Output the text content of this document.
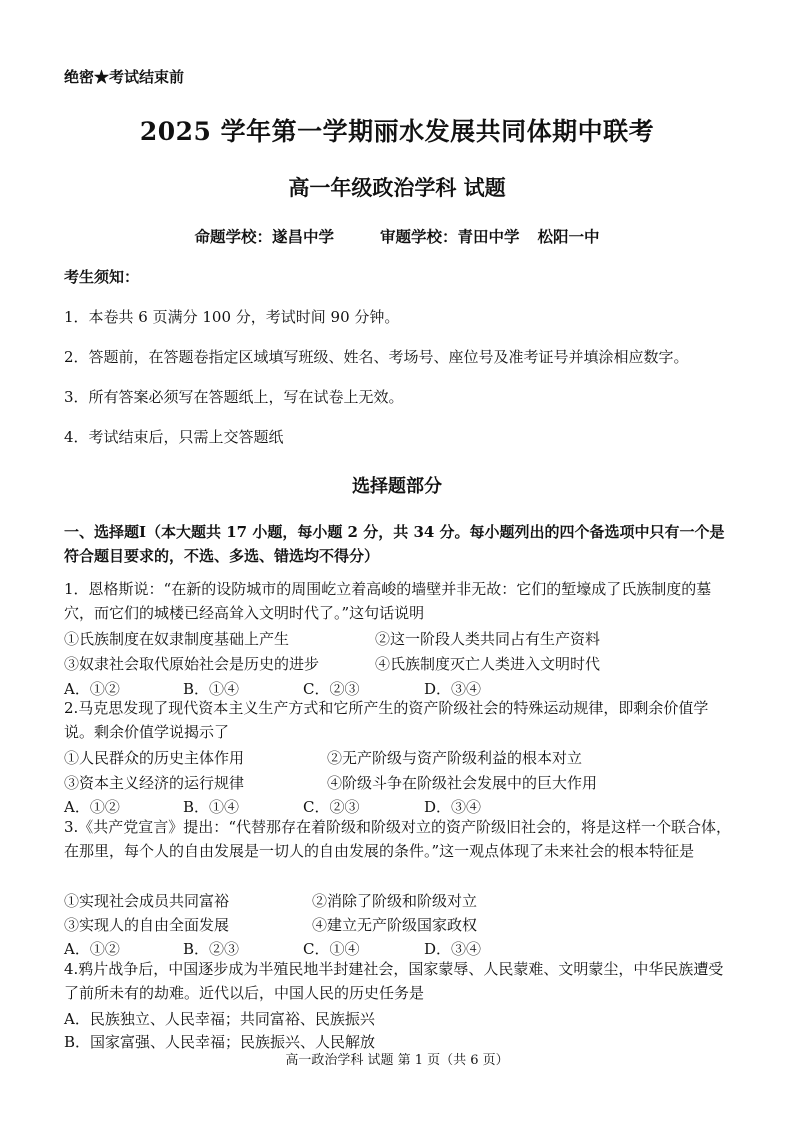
绝密★考试结束前
2025 学年第一学期丽水发展共同体期中联考
高一年级政治学科 试题
命题学校：遂昌中学	审题学校：青田中学 松阳一中
考生须知：
1．本卷共 6 页满分 100 分，考试时间 90 分钟。
2．答题前，在答题卷指定区域填写班级、姓名、考场号、座位号及准考证号并填涂相应数字。
3．所有答案必须写在答题纸上，写在试卷上无效。
4．考试结束后，只需上交答题纸
选择题部分
一、选择题Ⅰ（本大题共 17 小题，每小题 2 分，共 34 分。每小题列出的四个备选项中只有一个是符合题目要求的，不选、多选、错选均不得分）
1．恩格斯说：“在新的设防城市的周围屹立着高峻的墙壁并非无故：它们的堑壕成了氏族制度的墓穴，而它们的城楼已经高耸入文明时代了。”这句话说明
①氏族制度在奴隶制度基础上产生	②这一阶段人类共同占有生产资料
③奴隶社会取代原始社会是历史的进步	④氏族制度灭亡人类进入文明时代
A．①②	B．①④	C．②③	D．③④
2.马克思发现了现代资本主义生产方式和它所产生的资产阶级社会的特殊运动规律，即剩余价值学说。剩余价值学说揭示了
①人民群众的历史主体作用	②无产阶级与资产阶级利益的根本对立
③资本主义经济的运行规律	④阶级斗争在阶级社会发展中的巨大作用
A．①②	B．①④	C．②③	D．③④
3.《共产党宣言》提出：“代替那存在着阶级和阶级对立的资产阶级旧社会的，将是这样一个联合体，在那里，每个人的自由发展是一切人的自由发展的条件。”这一观点体现了未来社会的根本特征是
①实现社会成员共同富裕	②消除了阶级和阶级对立
③实现人的自由全面发展	④建立无产阶级国家政权
A．①②	B．②③	C．①④	D．③④
4.鸦片战争后，中国逐步成为半殖民地半封建社会，国家蒙辱、人民蒙难、文明蒙尘，中华民族遭受了前所未有的劫难。近代以后，中国人民的历史任务是
A．民族独立、人民幸福；共同富裕、民族振兴
B．国家富强、人民幸福；民族振兴、人民解放
高一政治学科 试题 第 1 页（共 6 页）
